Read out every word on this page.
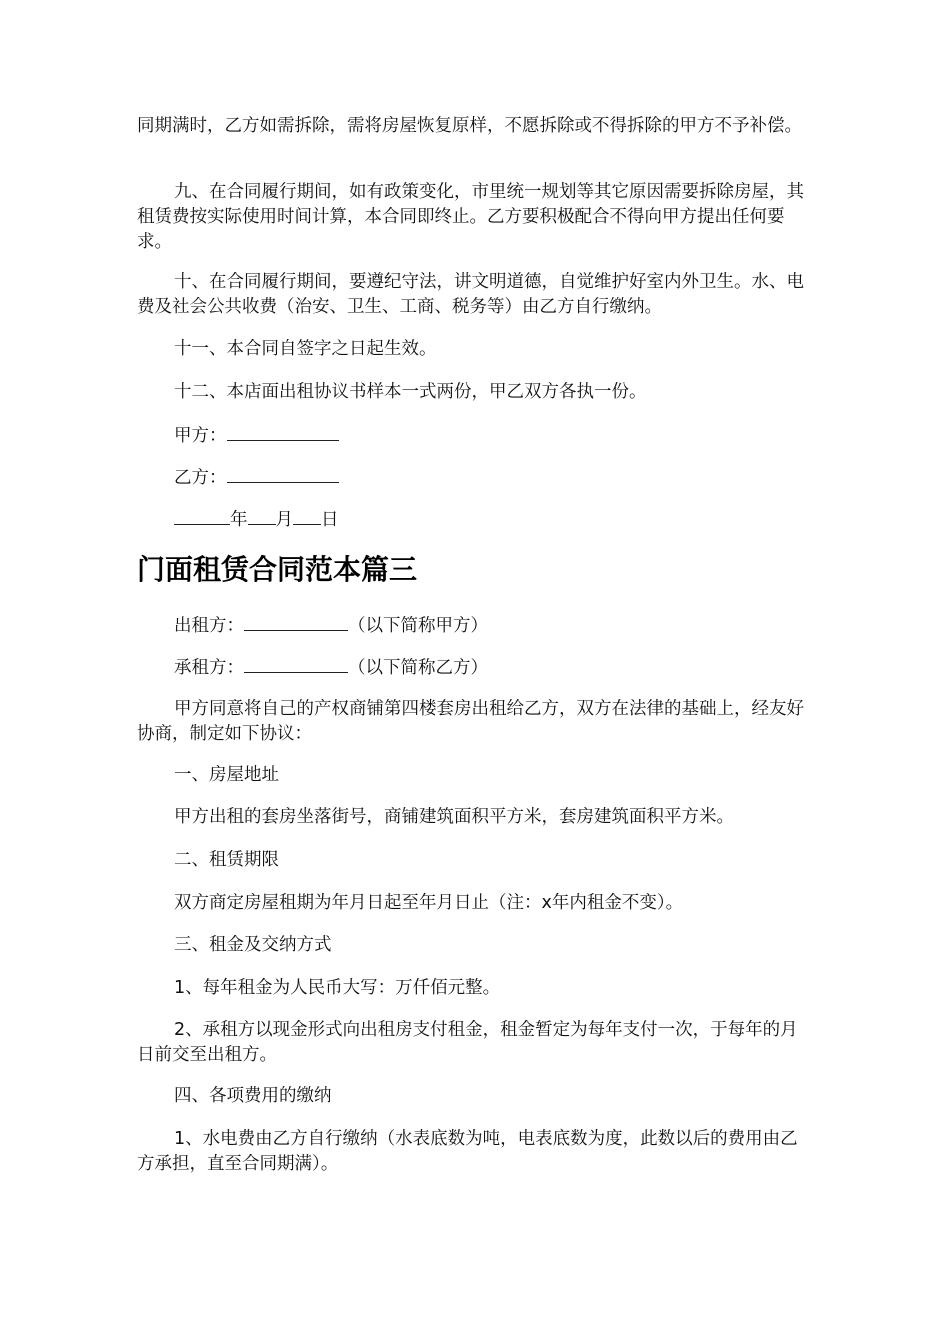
同期满时，乙方如需拆除，需将房屋恢复原样，不愿拆除或不得拆除的甲方不予补偿。

九、在合同履行期间，如有政策变化，市里统一规划等其它原因需要拆除房屋，其租赁费按实际使用时间计算，本合同即终止。乙方要积极配合不得向甲方提出任何要求。

十、在合同履行期间，要遵纪守法，讲文明道德，自觉维护好室内外卫生。水、电费及社会公共收费（治安、卫生、工商、税务等）由乙方自行缴纳。

十一、本合同自签字之日起生效。

十二、本店面出租协议书样本一式两份，甲乙双方各执一份。

甲方：

乙方：

年 月 日

门面租赁合同范本篇三

出租方：	（以下简称甲方）

承租方：	（以下简称乙方）

甲方同意将自己的产权商铺第四楼套房出租给乙方，双方在法律的基础上，经友好协商，制定如下协议：

一、房屋地址

甲方出租的套房坐落街号，商铺建筑面积平方米，套房建筑面积平方米。

二、租赁期限

双方商定房屋租期为年月日起至年月日止（注：x年内租金不变）。

三、租金及交纳方式

1、每年租金为人民币大写：万仟佰元整。

2、承租方以现金形式向出租房支付租金，租金暂定为每年支付一次，于每年的月日前交至出租方。

四、各项费用的缴纳

1、水电费由乙方自行缴纳（水表底数为吨，电表底数为度，此数以后的费用由乙方承担，直至合同期满）。
